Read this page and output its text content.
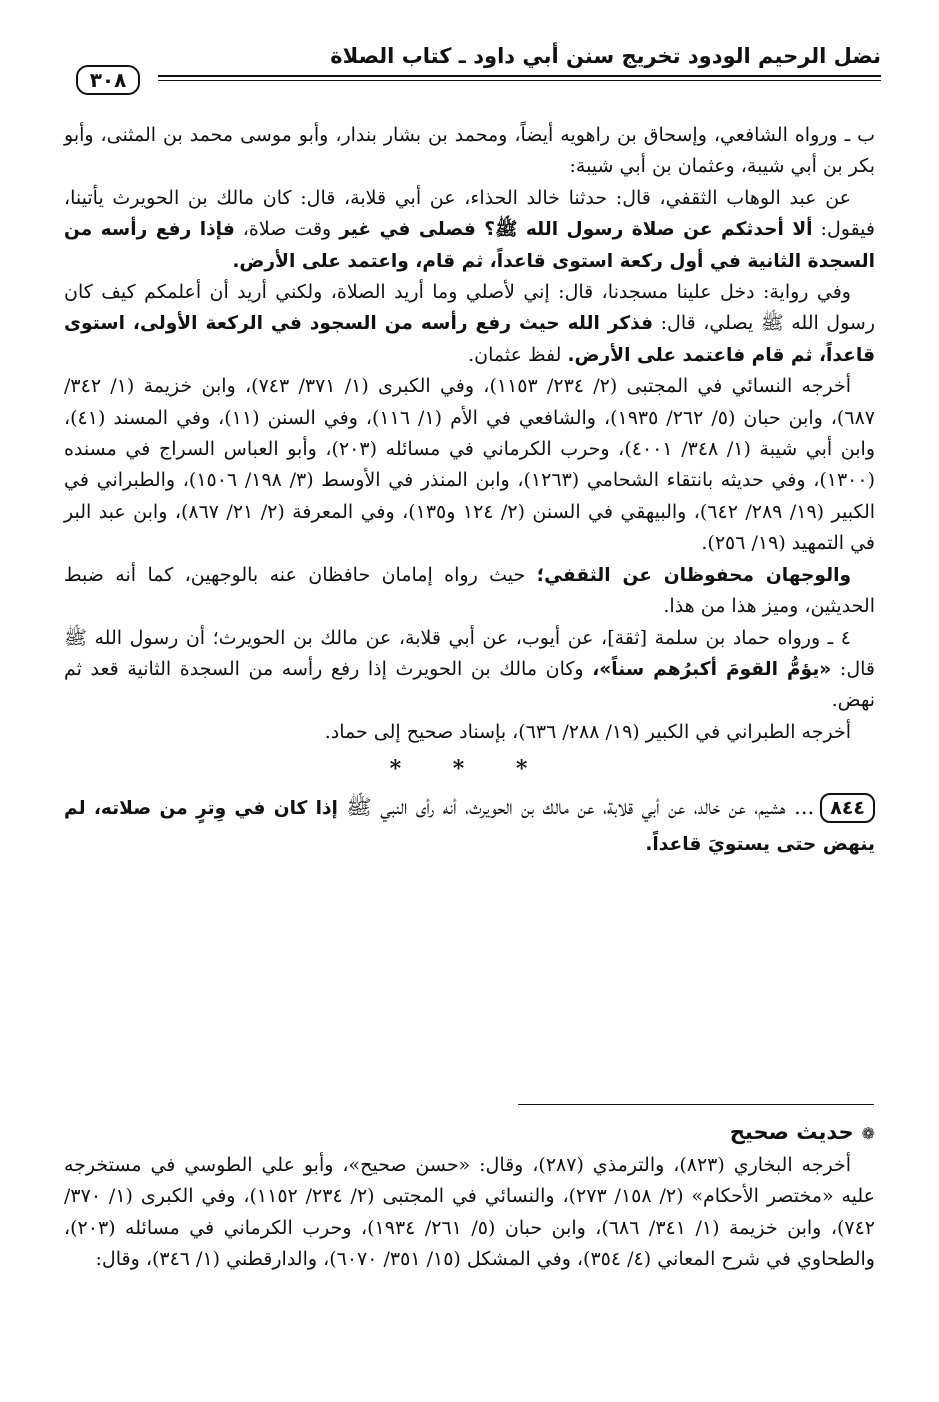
نضل الرحيم الودود تخريج سنن أبي داود ـ كتاب الصلاة
٣٠٨

ب ـ ورواه الشافعي، وإسحاق بن راهويه أيضاً، ومحمد بن بشار بندار، وأبو موسى محمد بن المثنى، وأبو بكر بن أبي شيبة، وعثمان بن أبي شيبة:

عن عبد الوهاب الثقفي، قال: حدثنا خالد الحذاء، عن أبي قلابة، قال: كان مالك بن الحويرث يأتينا، فيقول: ألا أحدثكم عن صلاة رسول الله ﷺ؟ فصلى في غير وقت صلاة، فإذا رفع رأسه من السجدة الثانية في أول ركعة استوى قاعداً، ثم قام، واعتمد على الأرض.

وفي رواية: دخل علينا مسجدنا، قال: إني لأصلي وما أريد الصلاة، ولكني أريد أن أعلمكم كيف كان رسول الله ﷺ يصلي، قال: فذكر الله حيث رفع رأسه من السجود في الركعة الأولى، استوى قاعداً، ثم قام فاعتمد على الأرض. لفظ عثمان.

أخرجه النسائي في المجتبى (٢/ ٢٣٤/ ١١٥٣)، وفي الكبرى (١/ ٣٧١/ ٧٤٣)، وابن خزيمة (١/ ٣٤٢/ ٦٨٧)، وابن حبان (٥/ ٢٦٢/ ١٩٣٥)، والشافعي في الأم (١/ ١١٦)، وفي السنن (١١)، وفي المسند (٤١)، وابن أبي شيبة (١/ ٣٤٨/ ٤٠٠١)، وحرب الكرماني في مسائله (٢٠٣)، وأبو العباس السراج في مسنده (١٣٠٠)، وفي حديثه بانتقاء الشحامي (١٢٦٣)، وابن المنذر في الأوسط (٣/ ١٩٨/ ١٥٠٦)، والطبراني في الكبير (١٩/ ٢٨٩/ ٦٤٢)، والبيهقي في السنن (٢/ ١٢٤ و١٣٥)، وفي المعرفة (٢/ ٢١/ ٨٦٧)، وابن عبد البر في التمهيد (١٩/ ٢٥٦).

والوجهان محفوظان عن الثقفي؛ حيث رواه إمامان حافظان عنه بالوجهين، كما أنه ضبط الحديثين، وميز هذا من هذا.

٤ ـ ورواه حماد بن سلمة [ثقة]، عن أيوب، عن أبي قلابة، عن مالك بن الحويرث؛ أن رسول الله ﷺ قال: «يؤمُّ القومَ أكبرُهم سناً»، وكان مالك بن الحويرث إذا رفع رأسه من السجدة الثانية قعد ثم نهض.

أخرجه الطبراني في الكبير (١٩/ ٢٨٨/ ٦٣٦)، بإسناد صحيح إلى حماد.

* * *

٨٤٤... هشيم، عن خالد، عن أبي قلابة، عن مالك بن الحويرث، أنه رأى النبي ﷺ إذا كان في وِترٍ من صلاته، لم ينهض حتى يستويَ قاعداً.

❁حديث صحيح

أخرجه البخاري (٨٢٣)، والترمذي (٢٨٧)، وقال: «حسن صحيح»، وأبو علي الطوسي في مستخرجه عليه «مختصر الأحكام» (٢/ ١٥٨/ ٢٧٣)، والنسائي في المجتبى (٢/ ٢٣٤/ ١١٥٢)، وفي الكبرى (١/ ٣٧٠/ ٧٤٢)، وابن خزيمة (١/ ٣٤١/ ٦٨٦)، وابن حبان (٥/ ٢٦١/ ١٩٣٤)، وحرب الكرماني في مسائله (٢٠٣)، والطحاوي في شرح المعاني (٤/ ٣٥٤)، وفي المشكل (١٥/ ٣٥١/ ٦٠٧٠)، والدارقطني (١/ ٣٤٦)، وقال:
